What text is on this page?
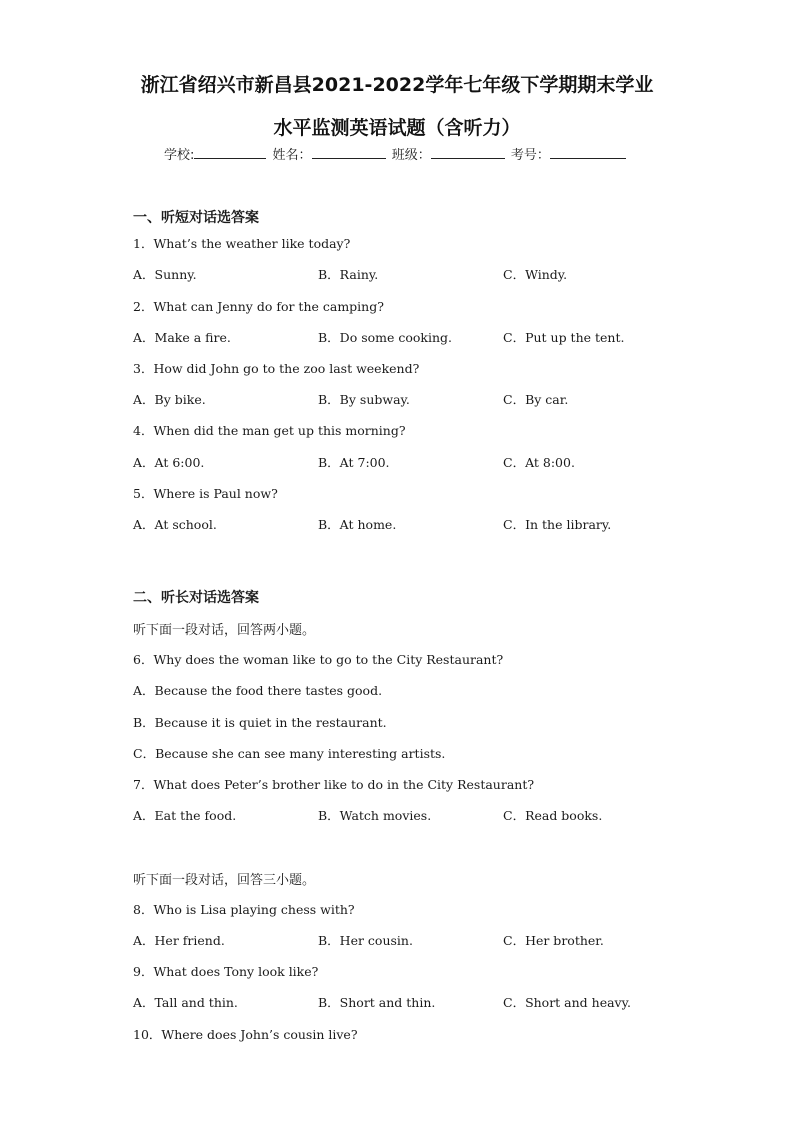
浙江省绍兴市新昌县2021-2022学年七年级下学期期末学业
水平监测英语试题（含听力）
学校:	姓名：	班级：	考号：
一、听短对话选答案
1．What’s the weather like today?
A．Sunny.	B．Rainy.	C．Windy.
2．What can Jenny do for the camping?
A．Make a fire.	B．Do some cooking.	C．Put up the tent.
3．How did John go to the zoo last weekend?
A．By bike.	B．By subway.	C．By car.
4．When did the man get up this morning?
A．At 6:00.	B．At 7:00.	C．At 8:00.
5．Where is Paul now?
A．At school.	B．At home.	C．In the library.
二、听长对话选答案
听下面一段对话，回答两小题。
6．Why does the woman like to go to the City Restaurant?
A．Because the food there tastes good.
B．Because it is quiet in the restaurant.
C．Because she can see many interesting artists.
7．What does Peter’s brother like to do in the City Restaurant?
A．Eat the food.	B．Watch movies.	C．Read books.
听下面一段对话，回答三小题。
8．Who is Lisa playing chess with?
A．Her friend.	B．Her cousin.	C．Her brother.
9．What does Tony look like?
A．Tall and thin.	B．Short and thin.	C．Short and heavy.
10．Where does John’s cousin live?
